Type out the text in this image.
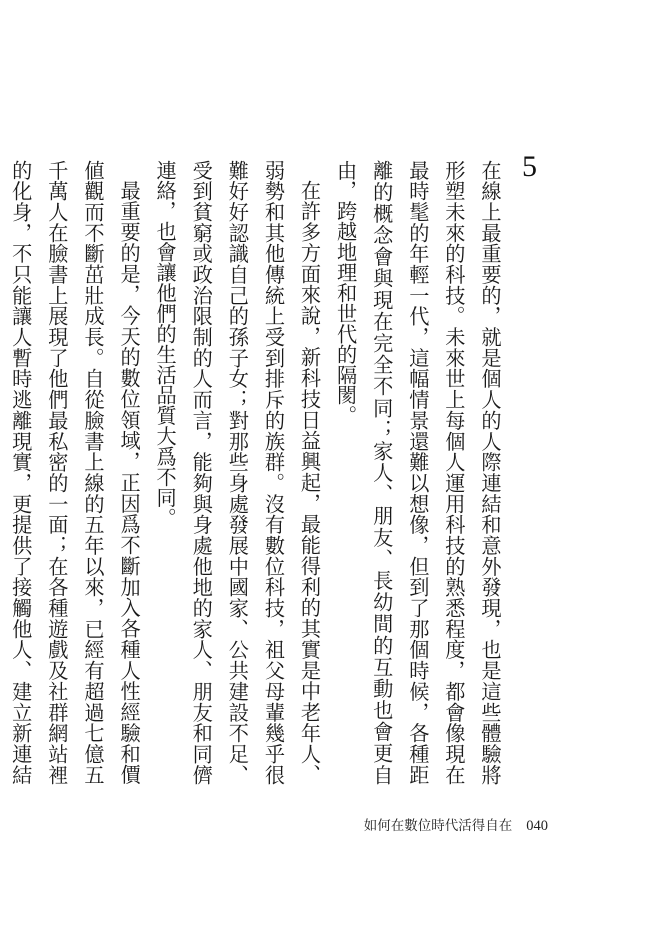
5

在線上最重要的，就是個人的人際連結和意外發現，也是這些體驗將形塑未來的科技。未來世上每個人運用科技的熟悉程度，都會像現在最時髦的年輕一代，這幅情景還難以想像，但到了那個時候，各種距離的概念會與現在完全不同；家人、朋友、長幼間的互動也會更自由，跨越地理和世代的隔閡。

在許多方面來說，新科技日益興起，最能得利的其實是中老年人、弱勢和其他傳統上受到排斥的族群。沒有數位科技，祖父母輩幾乎很難好好認識自己的孫子女；對那些身處發展中國家、公共建設不足、受到貧窮或政治限制的人而言，能夠與身處他地的家人、朋友和同儕連絡，也會讓他們的生活品質大爲不同。

最重要的是，今天的數位領域，正因爲不斷加入各種人性經驗和價値觀而不斷茁壯成長。自從臉書上線的五年以來，已經有超過七億五千萬人在臉書上展現了他們最私密的一面；在各種遊戲及社群網站裡的化身，不只能讓人暫時逃離現實，更提供了接觸他人、建立新連結

如何在數位時代活得自在 040
